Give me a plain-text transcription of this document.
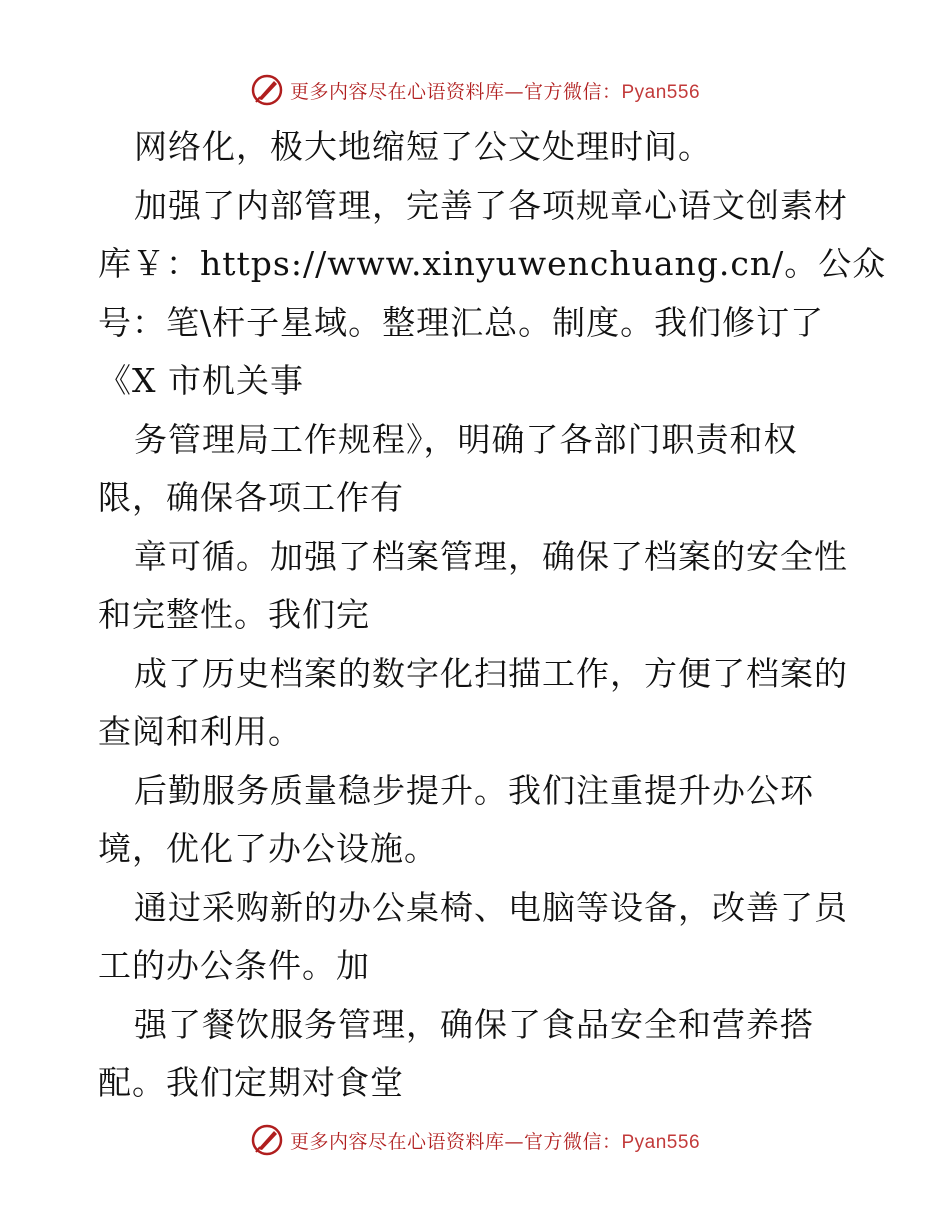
更多内容尽在心语资料库—官方微信：Pyan556
网络化，极大地缩短了公文处理时间。
加强了内部管理，完善了各项规章心语文创素材
库￥：https://www.xinyuwenchuang.cn/。公众
号：笔\杆子星域。整理汇总。制度。我们修订了
《X 市机关事
务管理局工作规程》，明确了各部门职责和权
限，确保各项工作有
章可循。加强了档案管理，确保了档案的安全性
和完整性。我们完
成了历史档案的数字化扫描工作，方便了档案的
查阅和利用。
后勤服务质量稳步提升。我们注重提升办公环
境，优化了办公设施。
通过采购新的办公桌椅、电脑等设备，改善了员
工的办公条件。加
强了餐饮服务管理，确保了食品安全和营养搭
配。我们定期对食堂
更多内容尽在心语资料库—官方微信：Pyan556
